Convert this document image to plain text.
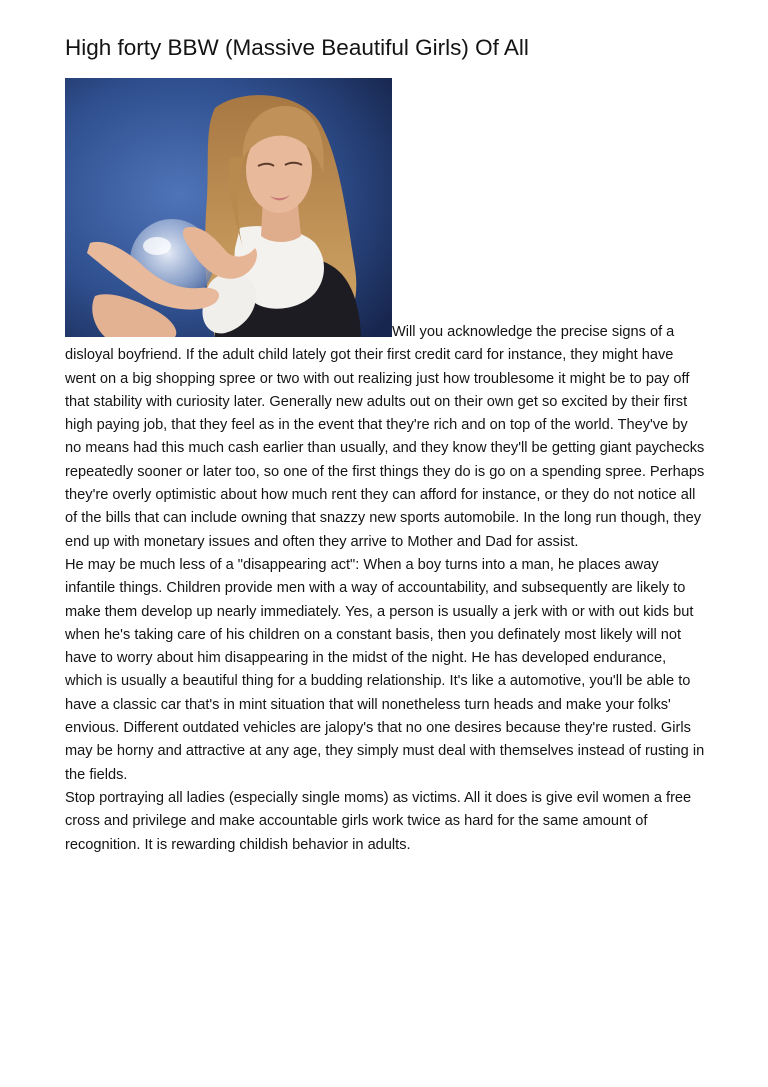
High forty BBW (Massive Beautiful Girls) Of All

Will you acknowledge the precise signs of a disloyal boyfriend. If the adult child lately got their first credit card for instance, they might have went on a big shopping spree or two with out realizing just how troublesome it might be to pay off that stability with curiosity later. Generally new adults out on their own get so excited by their first high paying job, that they feel as in the event that they're rich and on top of the world. They've by no means had this much cash earlier than usually, and they know they'll be getting giant paychecks repeatedly sooner or later too, so one of the first things they do is go on a spending spree. Perhaps they're overly optimistic about how much rent they can afford for instance, or they do not notice all of the bills that can include owning that snazzy new sports automobile. In the long run though, they end up with monetary issues and often they arrive to Mother and Dad for assist.

He may be much less of a "disappearing act": When a boy turns into a man, he places away infantile things. Children provide men with a way of accountability, and subsequently are likely to make them develop up nearly immediately. Yes, a person is usually a jerk with or with out kids but when he's taking care of his children on a constant basis, then you definately most likely will not have to worry about him disappearing in the midst of the night. He has developed endurance, which is usually a beautiful thing for a budding relationship. It's like a automotive, you'll be able to have a classic car that's in mint situation that will nonetheless turn heads and make your folks' envious. Different outdated vehicles are jalopy's that no one desires because they're rusted. Girls may be horny and attractive at any age, they simply must deal with themselves instead of rusting in the fields.

Stop portraying all ladies (especially single moms) as victims. All it does is give evil women a free cross and privilege and make accountable girls work twice as hard for the same amount of recognition. It is rewarding childish behavior in adults.
